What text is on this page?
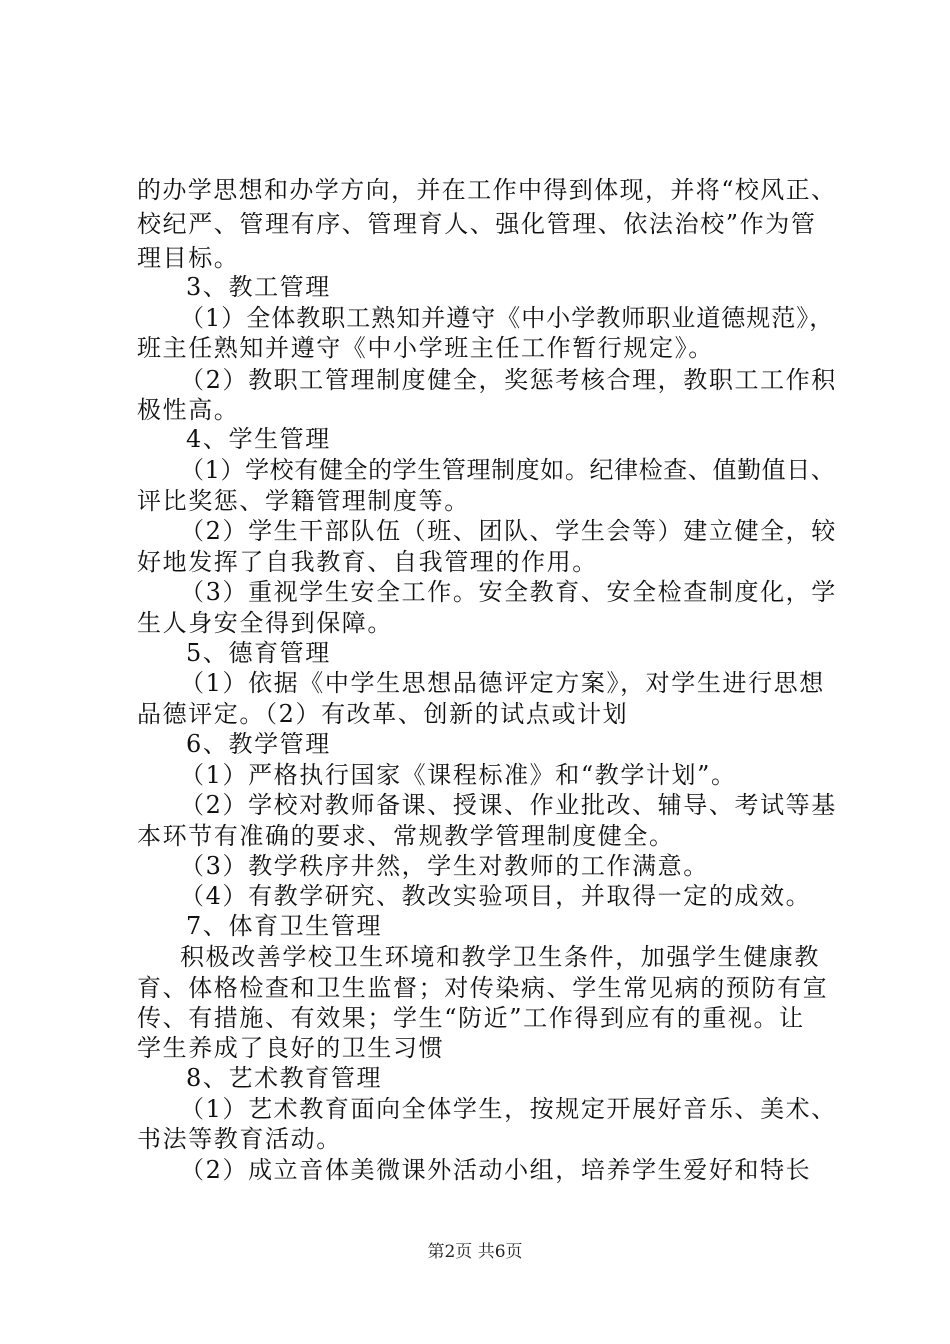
的办学思想和办学方向，并在工作中得到体现，并将“校风正、
校纪严、管理有序、管理育人、强化管理、依法治校”作为管
理目标。
3、教工管理
（1）全体教职工熟知并遵守《中小学教师职业道德规范》，
班主任熟知并遵守《中小学班主任工作暂行规定》。
（2）教职工管理制度健全，奖惩考核合理，教职工工作积
极性高。
4、学生管理
（1）学校有健全的学生管理制度如。纪律检查、值勤值日、
评比奖惩、学籍管理制度等。
（2）学生干部队伍（班、团队、学生会等）建立健全，较
好地发挥了自我教育、自我管理的作用。
（3）重视学生安全工作。安全教育、安全检查制度化，学
生人身安全得到保障。
5、德育管理
（1）依据《中学生思想品德评定方案》，对学生进行思想
品德评定。（2）有改革、创新的试点或计划
6、教学管理
（1）严格执行国家《课程标准》和“教学计划”。
（2）学校对教师备课、授课、作业批改、辅导、考试等基
本环节有准确的要求、常规教学管理制度健全。
（3）教学秩序井然，学生对教师的工作满意。
（4）有教学研究、教改实验项目，并取得一定的成效。
7、体育卫生管理
积极改善学校卫生环境和教学卫生条件，加强学生健康教
育、体格检查和卫生监督；对传染病、学生常见病的预防有宣
传、有措施、有效果；学生“防近”工作得到应有的重视。让
学生养成了良好的卫生习惯
8、艺术教育管理
（1）艺术教育面向全体学生，按规定开展好音乐、美术、
书法等教育活动。
（2）成立音体美微课外活动小组，培养学生爱好和特长
第2页 共6页
